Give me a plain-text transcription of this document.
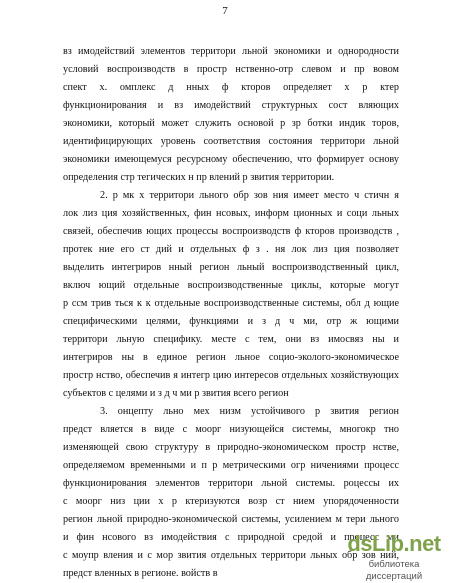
7
вз имодействий элементов территори льной экономики и однородности
условий воспроизводств в простр нственно-отр слевом и пр вовом
спект х. омплекс д нных ф кторов определяет х р ктер
функционирования и вз имодействий структурных сост вляющих
экономики, который может служить основой р зр ботки индик торов,
идентифицирующих уровень соответствия состояния территори льной
экономики имеющемуся ресурсному обеспечению, что формирует основу
определения стр тегических н пр влений р звития территории.
2. р мк х территори льного обр зов ния имеет место ч стичн я
лок лиз ция хозяйственных, фин нсовых, информ ционных и соци льных
связей, обеспечив ющих процессы воспроизводств ф кторов производств ,
протек ние его ст дий и отдельных ф з . ня лок лиз ция позволяет
выделить интегриров нный регион льный воспроизводственный цикл,
включ ющий отдельные воспроизводственные циклы, которые могут
р ссм трив ться к к отдельные воспроизводственные системы, обл д ющие
специфическими целями, функциями и з д ч ми, отр ж ющими
территори льную специфику. месте с тем, они вз имосвяз ны и
интегриров ны в единое регион льное социо-эколого-экономическое
простр нство, обеспечив я интегр цию интересов отдельных хозяйствующих
субъектов с целями и з д ч ми р звития всего регион
3. онцепту льно мех низм устойчивого р звития регион
предст вляется в виде с моорг низующейся системы, многокр тно
изменяющей свою структуру в природно-экономическом простр нстве,
определяемом временными и п р метрическими огр ничениями процесс
функционирования элементов территори льной системы. роцессы их
с моорг низ ции х р ктеризуются возр ст нием упорядоченности
регион льной природно-экономической системы, усилением м тери льного
и фин нсового вз имодействия с природной средой и процесс ми
с моупр вления и с мор звития отдельных территори льных обр зов ний,
предст вленных в регионе. войств в
dsLib.net
библиотека диссертаций
